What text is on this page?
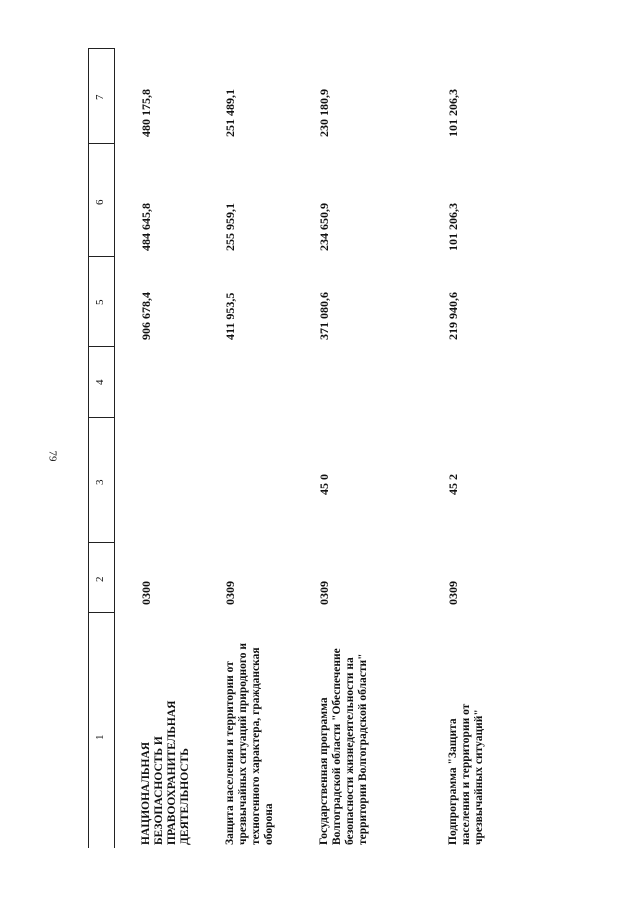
79
7
6
5
4
3
2
1
НАЦИОНАЛЬНАЯ БЕЗОПАСНОСТЬ И ПРАВООХРАНИТЕЛЬНАЯ ДЕЯТЕЛЬНОСТЬ
0300
906 678,4
484 645,8
480 175,8
Защита населения и территории от чрезвычайных ситуаций природного и техногенного характера, гражданская оборона
0309
411 953,5
255 959,1
251 489,1
Государственная программа Волгоградской области "Обеспечение безопасности жизнедеятельности на территории Волгоградской области"
0309
45 0
371 080,6
234 650,9
230 180,9
Подпрограмма "Защита населения и территории от чрезвычайных ситуаций"
0309
45 2
219 940,6
101 206,3
101 206,3
